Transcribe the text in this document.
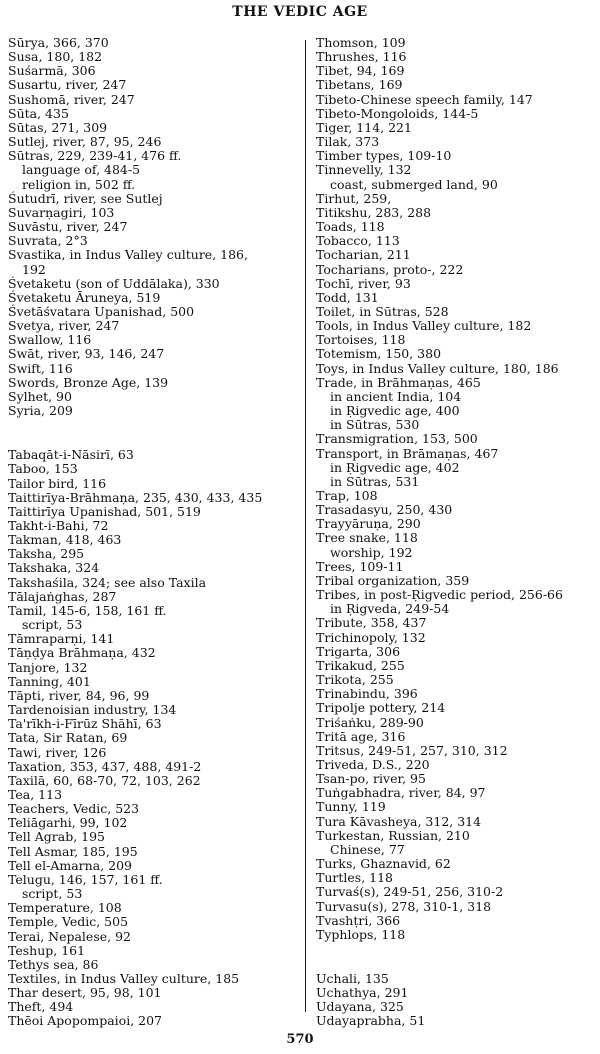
THE VEDIC AGE
Sūrya, 366, 370
Susa, 180, 182
Suśarmā, 306
Susartu, river, 247
Sushomā, river, 247
Sūta, 435
Sūtas, 271, 309
Sutlej, river, 87, 95, 246
Sūtras, 229, 239-41, 476 ff.
language of, 484-5
religion in, 502 ff.
Śutudrī, river, see Sutlej
Suvarṇagiri, 103
Suvāstu, river, 247
Suvrata, 2°3
Svastika, in Indus Valley culture, 186,
192
Śvetaketu (son of Uddālaka), 330
Śvetaketu Āruneya, 519
Śvetāśvatara Upanishad, 500
Svetya, river, 247
Swallow, 116
Swāt, river, 93, 146, 247
Swift, 116
Swords, Bronze Age, 139
Sylhet, 90
Syria, 209
Tabaqāt-i-Nāsirī, 63
Taboo, 153
Tailor bird, 116
Taittirīya-Brāhmaṇa, 235, 430, 433, 435
Taittirīya Upanishad, 501, 519
Takht-i-Bahi, 72
Takman, 418, 463
Taksha, 295
Takshaka, 324
Takshaśila, 324; see also Taxila
Tālajaṅghas, 287
Tamil, 145-6, 158, 161 ff.
script, 53
Tāmraparṇi, 141
Tāṇḍya Brāhmaṇa, 432
Tanjore, 132
Tanning, 401
Tāpti, river, 84, 96, 99
Tardenoisian industry, 134
Ta'rīkh-i-Fīrūz Shāhī, 63
Tata, Sir Ratan, 69
Tawi, river, 126
Taxation, 353, 437, 488, 491-2
Taxilā, 60, 68-70, 72, 103, 262
Tea, 113
Teachers, Vedic, 523
Teliāgarhi, 99, 102
Tell Agrab, 195
Tell Asmar, 185, 195
Tell el-Amarna, 209
Telugu, 146, 157, 161 ff.
script, 53
Temperature, 108
Temple, Vedic, 505
Terai, Nepalese, 92
Teshup, 161
Tethys sea, 86
Textiles, in Indus Valley culture, 185
Thar desert, 95, 98, 101
Theft, 494
Thēoi Apopompaioi, 207
Thomson, 109
Thrushes, 116
Tibet, 94, 169
Tibetans, 169
Tibeto-Chinese speech family, 147
Tibeto-Mongoloids, 144-5
Tiger, 114, 221
Tilak, 373
Timber types, 109-10
Tinnevelly, 132
coast, submerged land, 90
Tirhut, 259,
Titikshu, 283, 288
Toads, 118
Tobacco, 113
Tocharian, 211
Tocharians, proto-, 222
Tochī, river, 93
Todd, 131
Toilet, in Sūtras, 528
Tools, in Indus Valley culture, 182
Tortoises, 118
Totemism, 150, 380
Toys, in Indus Valley culture, 180, 186
Trade, in Brāhmaṇas, 465
in ancient India, 104
in Ṛigvedic age, 400
in Sūtras, 530
Transmigration, 153, 500
Transport, in Brāmaṇas, 467
in Ṛigvedic age, 402
in Sūtras, 531
Trap, 108
Trasadasyu, 250, 430
Trayyāruṇa, 290
Tree snake, 118
worship, 192
Trees, 109-11
Tribal organization, 359
Tribes, in post-Ṛigvedic period, 256-66
in Ṛigveda, 249-54
Tribute, 358, 437
Trichinopoly, 132
Trigarta, 306
Trikakud, 255
Trikota, 255
Trinabindu, 396
Tripolje pottery, 214
Triśaṅku, 289-90
Tritā age, 316
Tritsus, 249-51, 257, 310, 312
Triveda, D.S., 220
Tsan-po, river, 95
Tuṅgabhadra, river, 84, 97
Tunny, 119
Tura Kāvasheya, 312, 314
Turkestan, Russian, 210
Chinese, 77
Turks, Ghaznavid, 62
Turtles, 118
Turvaś(s), 249-51, 256, 310-2
Turvasu(s), 278, 310-1, 318
Tvashṭri, 366
Typhlops, 118
Uchali, 135
Uchathya, 291
Udayana, 325
Udayaprabha, 51
570
